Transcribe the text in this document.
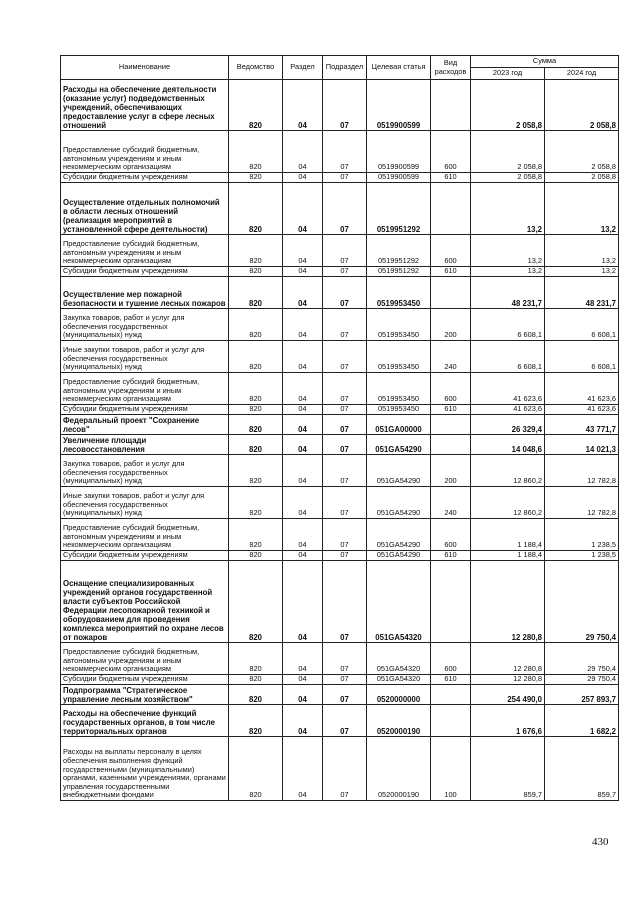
Наименование	Ведомство	Раздел	Подраздел	Целевая статья	Вид расходов	Сумма	
						2023 год	2024 год
Расходы на обеспечение деятельности (оказание услуг) подведомственных учреждений, обеспечивающих предоставление услуг в сфере лесных отношений	820	04	07	0519900599		2 058,8	2 058,8
Предоставление субсидий бюджетным, автономным учреждениям и иным некоммерческим организациям	820	04	07	0519900599	600	2 058,8	2 058,8
Субсидии бюджетным учреждениям	820	04	07	0519900599	610	2 058,8	2 058,8
Осуществление отдельных полномочий в области лесных отношений (реализация мероприятий в установленной сфере деятельности)	820	04	07	0519951292		13,2	13,2
Предоставление субсидий бюджетным, автономным учреждениям и иным некоммерческим организациям	820	04	07	0519951292	600	13,2	13,2
Субсидии бюджетным учреждениям	820	04	07	0519951292	610	13,2	13,2
Осуществление мер пожарной безопасности и тушение лесных пожаров	820	04	07	0519953450		48 231,7	48 231,7
Закупка товаров, работ и услуг для обеспечения государственных (муниципальных) нужд	820	04	07	0519953450	200	6 608,1	6 608,1
Иные закупки товаров, работ и услуг для обеспечения государственных (муниципальных) нужд	820	04	07	0519953450	240	6 608,1	6 608,1
Предоставление субсидий бюджетным, автономным учреждениям и иным некоммерческим организациям	820	04	07	0519953450	600	41 623,6	41 623,6
Субсидии бюджетным учреждениям	820	04	07	0519953450	610	41 623,6	41 623,6
Федеральный проект "Сохранение лесов"	820	04	07	051GA00000		26 329,4	43 771,7
Увеличение площади лесовосстановления	820	04	07	051GA54290		14 048,6	14 021,3
Закупка товаров, работ и услуг для обеспечения государственных (муниципальных) нужд	820	04	07	051GA54290	200	12 860,2	12 782,8
Иные закупки товаров, работ и услуг для обеспечения государственных (муниципальных) нужд	820	04	07	051GA54290	240	12 860,2	12 782,8
Предоставление субсидий бюджетным, автономным учреждениям и иным некоммерческим организациям	820	04	07	051GA54290	600	1 188,4	1 238,5
Субсидии бюджетным учреждениям	820	04	07	051GA54290	610	1 188,4	1 238,5
Оснащение специализированных учреждений органов государственной власти субъектов Российской Федерации лесопожарной техникой и оборудованием для проведения комплекса мероприятий по охране лесов от пожаров	820	04	07	051GA54320		12 280,8	29 750,4
Предоставление субсидий бюджетным, автономным учреждениям и иным некоммерческим организациям	820	04	07	051GA54320	600	12 280,8	29 750,4
Субсидии бюджетным учреждениям	820	04	07	051GA54320	610	12 280,8	29 750,4
Подпрограмма "Стратегическое управление лесным хозяйством"	820	04	07	0520000000		254 490,0	257 893,7
Расходы на обеспечение функций государственных органов, в том числе территориальных органов	820	04	07	0520000190		1 676,6	1 682,2
Расходы на выплаты персоналу в целях обеспечения выполнения функций государственными (муниципальными) органами, казенными учреждениями, органами управления государственными внебюджетными фондами	820	04	07	0520000190	100	859,7	859,7
430
